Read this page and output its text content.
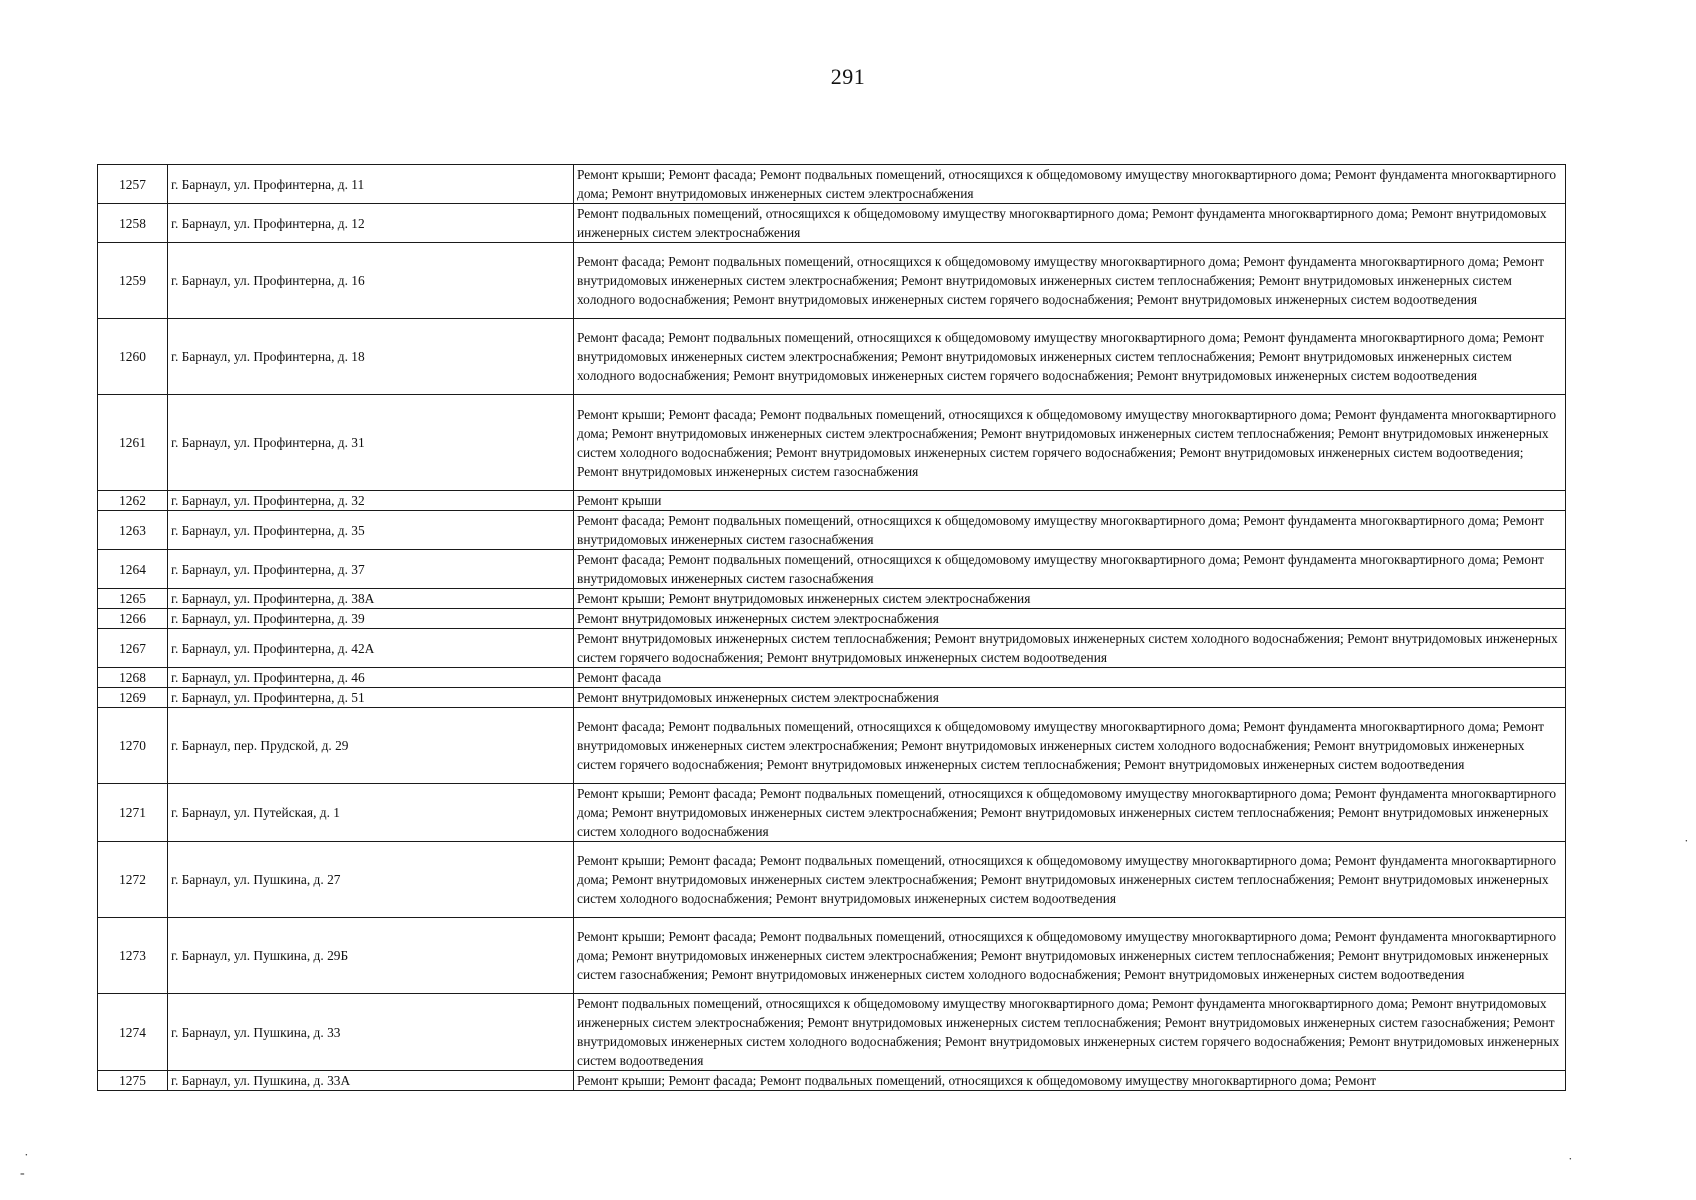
291
1257	г. Барнаул, ул. Профинтерна, д. 11	Ремонт крыши; Ремонт фасада; Ремонт подвальных помещений, относящихся к общедомовому имуществу многоквартирного дома; Ремонт фундамента многоквартирного дома; Ремонт внутридомовых инженерных систем электроснабжения
1258	г. Барнаул, ул. Профинтерна, д. 12	Ремонт подвальных помещений, относящихся к общедомовому имуществу многоквартирного дома; Ремонт фундамента многоквартирного дома; Ремонт внутридомовых инженерных систем электроснабжения
1259	г. Барнаул, ул. Профинтерна, д. 16	Ремонт фасада; Ремонт подвальных помещений, относящихся к общедомовому имуществу многоквартирного дома; Ремонт фундамента многоквартирного дома; Ремонт внутридомовых инженерных систем электроснабжения; Ремонт внутридомовых инженерных систем теплоснабжения; Ремонт внутридомовых инженерных систем холодного водоснабжения; Ремонт внутридомовых инженерных систем горячего водоснабжения; Ремонт внутридомовых инженерных систем водоотведения
1260	г. Барнаул, ул. Профинтерна, д. 18	Ремонт фасада; Ремонт подвальных помещений, относящихся к общедомовому имуществу многоквартирного дома; Ремонт фундамента многоквартирного дома; Ремонт внутридомовых инженерных систем электроснабжения; Ремонт внутридомовых инженерных систем теплоснабжения; Ремонт внутридомовых инженерных систем холодного водоснабжения; Ремонт внутридомовых инженерных систем горячего водоснабжения; Ремонт внутридомовых инженерных систем водоотведения
1261	г. Барнаул, ул. Профинтерна, д. 31	Ремонт крыши; Ремонт фасада; Ремонт подвальных помещений, относящихся к общедомовому имуществу многоквартирного дома; Ремонт фундамента многоквартирного дома; Ремонт внутридомовых инженерных систем электроснабжения; Ремонт внутридомовых инженерных систем теплоснабжения; Ремонт внутридомовых инженерных систем холодного водоснабжения; Ремонт внутридомовых инженерных систем горячего водоснабжения; Ремонт внутридомовых инженерных систем водоотведения; Ремонт внутридомовых инженерных систем газоснабжения
1262	г. Барнаул, ул. Профинтерна, д. 32	Ремонт крыши
1263	г. Барнаул, ул. Профинтерна, д. 35	Ремонт фасада; Ремонт подвальных помещений, относящихся к общедомовому имуществу многоквартирного дома; Ремонт фундамента многоквартирного дома; Ремонт внутридомовых инженерных систем газоснабжения
1264	г. Барнаул, ул. Профинтерна, д. 37	Ремонт фасада; Ремонт подвальных помещений, относящихся к общедомовому имуществу многоквартирного дома; Ремонт фундамента многоквартирного дома; Ремонт внутридомовых инженерных систем газоснабжения
1265	г. Барнаул, ул. Профинтерна, д. 38А	Ремонт крыши; Ремонт внутридомовых инженерных систем электроснабжения
1266	г. Барнаул, ул. Профинтерна, д. 39	Ремонт внутридомовых инженерных систем электроснабжения
1267	г. Барнаул, ул. Профинтерна, д. 42А	Ремонт внутридомовых инженерных систем теплоснабжения; Ремонт внутридомовых инженерных систем холодного водоснабжения; Ремонт внутридомовых инженерных систем горячего водоснабжения; Ремонт внутридомовых инженерных систем водоотведения
1268	г. Барнаул, ул. Профинтерна, д. 46	Ремонт фасада
1269	г. Барнаул, ул. Профинтерна, д. 51	Ремонт внутридомовых инженерных систем электроснабжения
1270	г. Барнаул, пер. Прудской, д. 29	Ремонт фасада; Ремонт подвальных помещений, относящихся к общедомовому имуществу многоквартирного дома; Ремонт фундамента многоквартирного дома; Ремонт внутридомовых инженерных систем электроснабжения; Ремонт внутридомовых инженерных систем холодного водоснабжения; Ремонт внутридомовых инженерных систем горячего водоснабжения; Ремонт внутридомовых инженерных систем теплоснабжения; Ремонт внутридомовых инженерных систем водоотведения
1271	г. Барнаул, ул. Путейская, д. 1	Ремонт крыши; Ремонт фасада; Ремонт подвальных помещений, относящихся к общедомовому имуществу многоквартирного дома; Ремонт фундамента многоквартирного дома; Ремонт внутридомовых инженерных систем электроснабжения; Ремонт внутридомовых инженерных систем теплоснабжения; Ремонт внутридомовых инженерных систем холодного водоснабжения
1272	г. Барнаул, ул. Пушкина, д. 27	Ремонт крыши; Ремонт фасада; Ремонт подвальных помещений, относящихся к общедомовому имуществу многоквартирного дома; Ремонт фундамента многоквартирного дома; Ремонт внутридомовых инженерных систем электроснабжения; Ремонт внутридомовых инженерных систем теплоснабжения; Ремонт внутридомовых инженерных систем холодного водоснабжения; Ремонт внутридомовых инженерных систем водоотведения
1273	г. Барнаул, ул. Пушкина, д. 29Б	Ремонт крыши; Ремонт фасада; Ремонт подвальных помещений, относящихся к общедомовому имуществу многоквартирного дома; Ремонт фундамента многоквартирного дома; Ремонт внутридомовых инженерных систем электроснабжения; Ремонт внутридомовых инженерных систем теплоснабжения; Ремонт внутридомовых инженерных систем газоснабжения; Ремонт внутридомовых инженерных систем холодного водоснабжения; Ремонт внутридомовых инженерных систем водоотведения
1274	г. Барнаул, ул. Пушкина, д. 33	Ремонт подвальных помещений, относящихся к общедомовому имуществу многоквартирного дома; Ремонт фундамента многоквартирного дома; Ремонт внутридомовых инженерных систем электроснабжения; Ремонт внутридомовых инженерных систем теплоснабжения; Ремонт внутридомовых инженерных систем газоснабжения; Ремонт внутридомовых инженерных систем холодного водоснабжения; Ремонт внутридомовых инженерных систем горячего водоснабжения; Ремонт внутридомовых инженерных систем водоотведения
1275	г. Барнаул, ул. Пушкина, д. 33А	Ремонт крыши; Ремонт фасада; Ремонт подвальных помещений, относящихся к общедомовому имуществу многоквартирного дома; Ремонт
˙
-
˙
˙
